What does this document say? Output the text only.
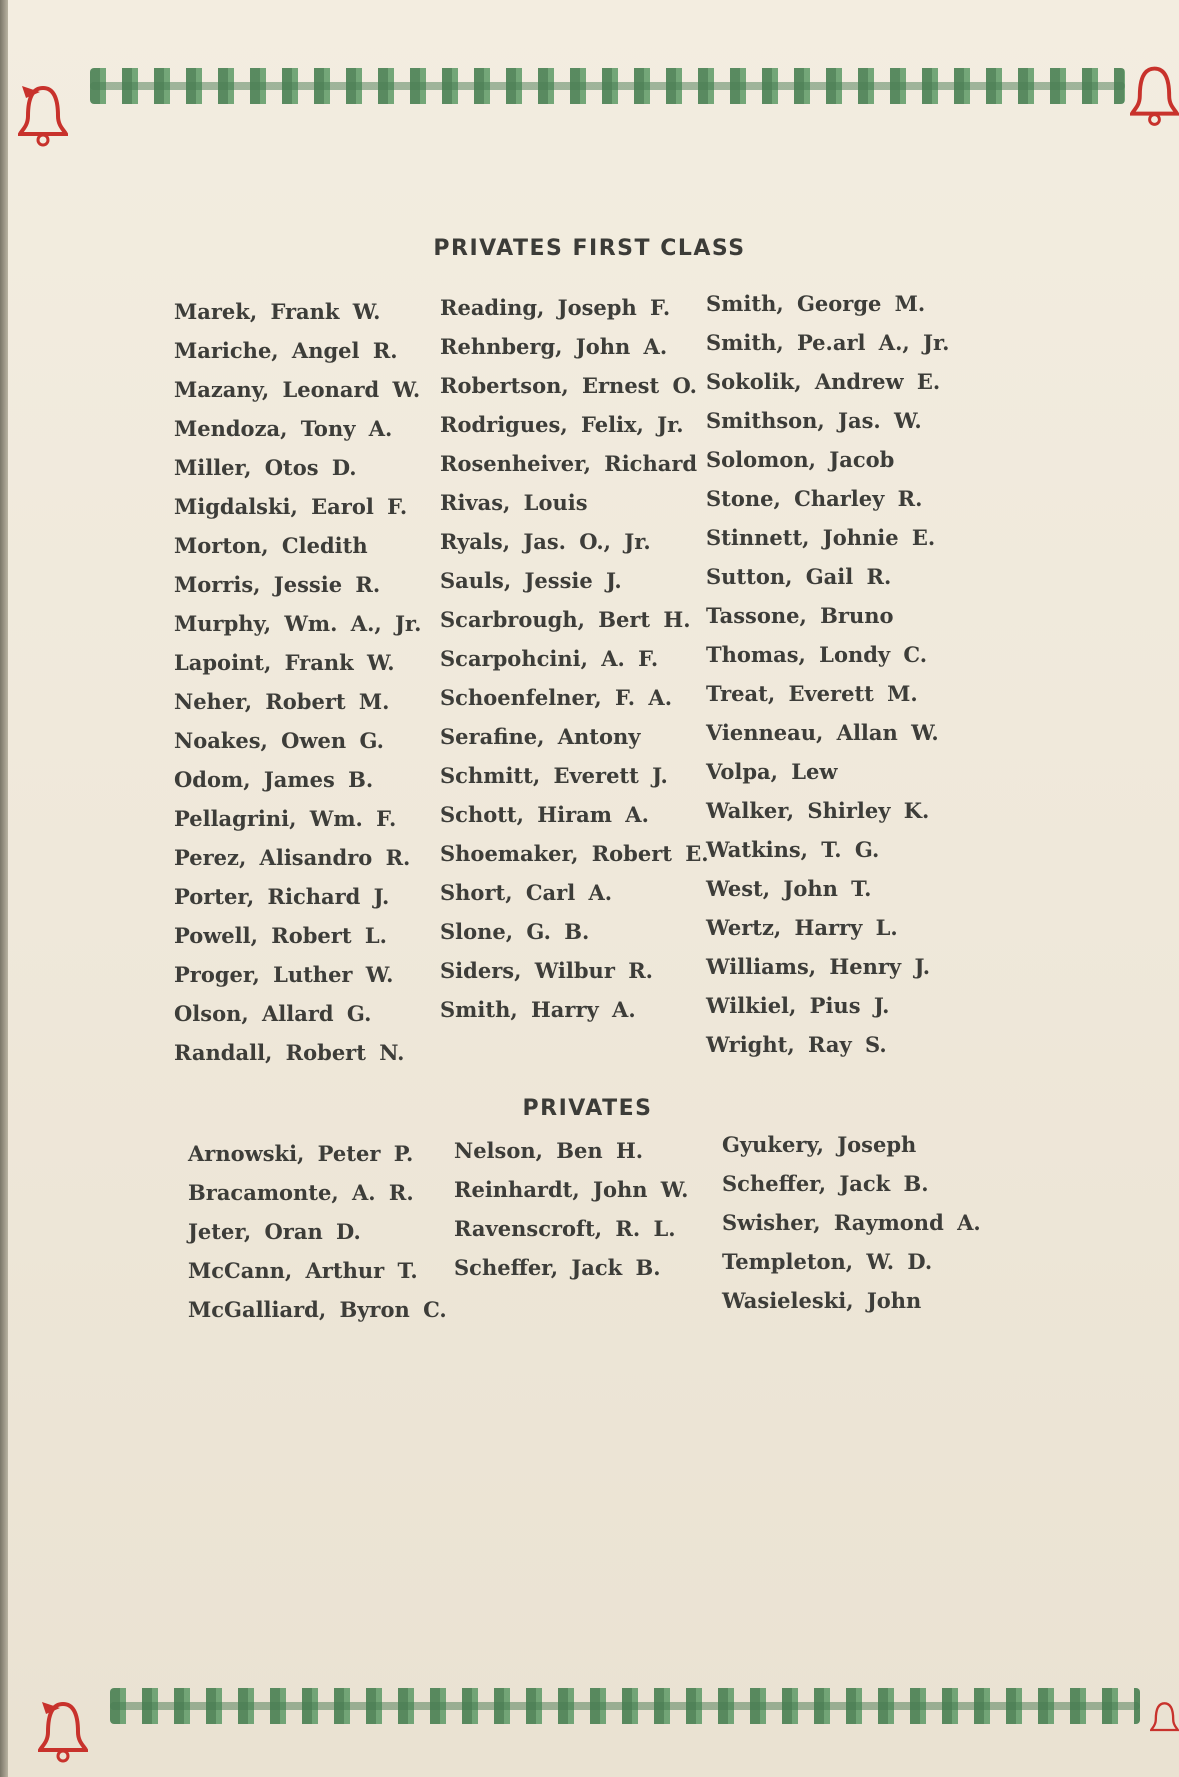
PRIVATES FIRST CLASS
Marek, Frank W.
Mariche, Angel R.
Mazany, Leonard W.
Mendoza, Tony A.
Miller, Otos D.
Migdalski, Earol F.
Morton, Cledith
Morris, Jessie R.
Murphy, Wm. A., Jr.
Lapoint, Frank W.
Neher, Robert M.
Noakes, Owen G.
Odom, James B.
Pellagrini, Wm. F.
Perez, Alisandro R.
Porter, Richard J.
Powell, Robert L.
Proger, Luther W.
Olson, Allard G.
Randall, Robert N.
Reading, Joseph F.
Rehnberg, John A.
Robertson, Ernest O.
Rodrigues, Felix, Jr.
Rosenheiver, Richard
Rivas, Louis
Ryals, Jas. O., Jr.
Sauls, Jessie J.
Scarbrough, Bert H.
Scarpohcini, A. F.
Schoenfelner, F. A.
Serafine, Antony
Schmitt, Everett J.
Schott, Hiram A.
Shoemaker, Robert E.
Short, Carl A.
Slone, G. B.
Siders, Wilbur R.
Smith, Harry A.
Smith, George M.
Smith, Pe.arl A., Jr.
Sokolik, Andrew E.
Smithson, Jas. W.
Solomon, Jacob
Stone, Charley R.
Stinnett, Johnie E.
Sutton, Gail R.
Tassone, Bruno
Thomas, Londy C.
Treat, Everett M.
Vienneau, Allan W.
Volpa, Lew
Walker, Shirley K.
Watkins, T. G.
West, John T.
Wertz, Harry L.
Williams, Henry J.
Wilkiel, Pius J.
Wright, Ray S.
PRIVATES
Arnowski, Peter P.
Bracamonte, A. R.
Jeter, Oran D.
McCann, Arthur T.
McGalliard, Byron C.
Nelson, Ben H.
Reinhardt, John W.
Ravenscroft, R. L.
Scheffer, Jack B.
Gyukery, Joseph
Scheffer, Jack B.
Swisher, Raymond A.
Templeton, W. D.
Wasieleski, John
